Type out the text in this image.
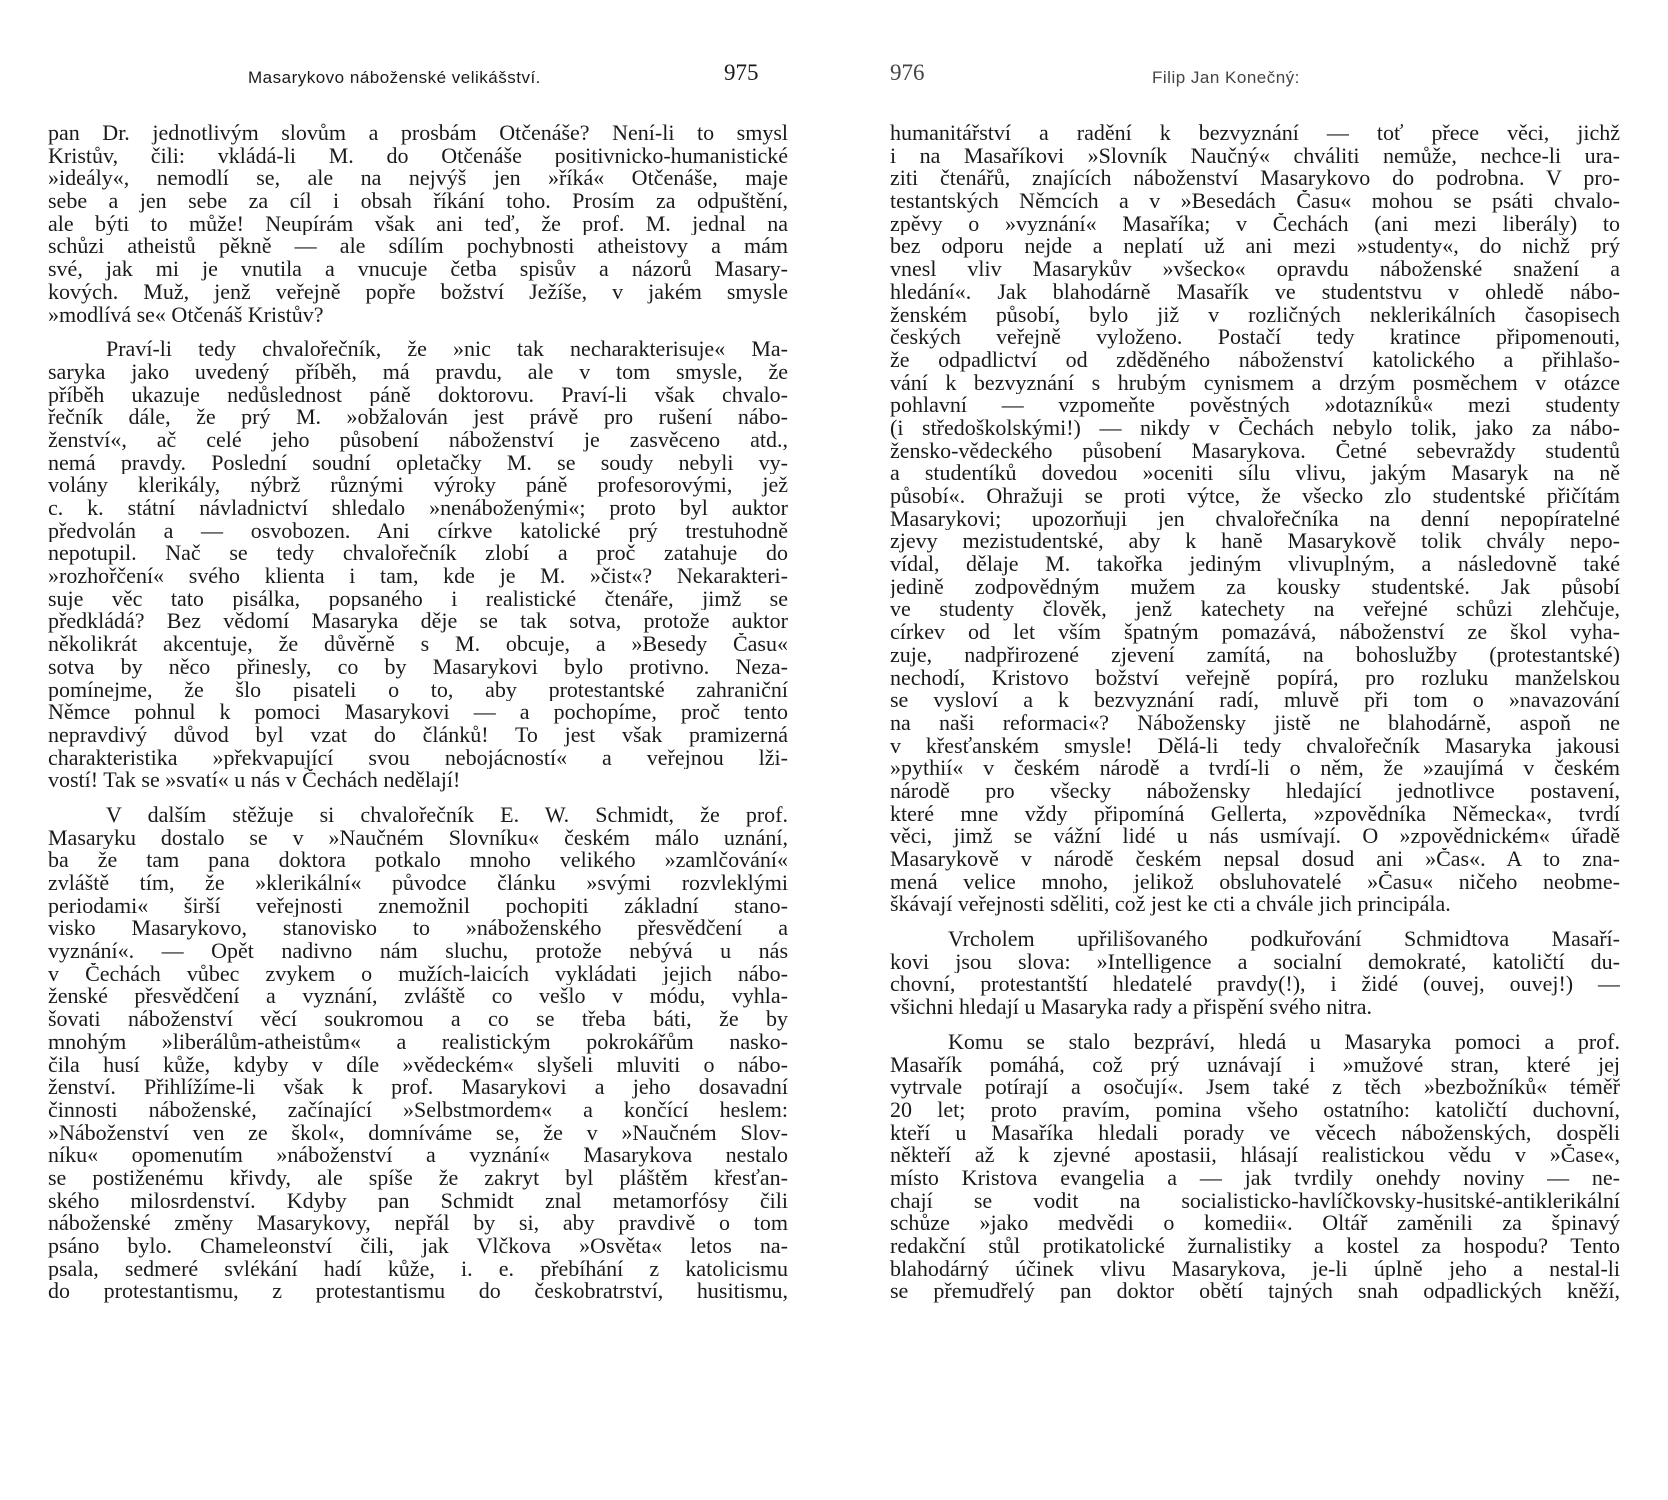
Masarykovo náboženské velikášství.	975
pan Dr. jednotlivým slovům a prosbám Otčenáše? Není-li to smysl
Kristův, čili: vkládá-li M. do Otčenáše positivnicko-humanistické
»ideály«, nemodlí se, ale na nejvýš jen »říká« Otčenáše, maje
sebe a jen sebe za cíl i obsah říkání toho. Prosím za odpuštění,
ale býti to může! Neupírám však ani teď, že prof. M. jednal na
schůzi atheistů pěkně — ale sdílím pochybnosti atheistovy a mám
své, jak mi je vnutila a vnucuje četba spisův a názorů Masary-
kových. Muž, jenž veřejně popře božství Ježíše, v jakém smysle
»modlívá se« Otčenáš Kristův?
Praví-li tedy chvalořečník, že »nic tak necharakterisuje« Ma-
saryka jako uvedený příběh, má pravdu, ale v tom smysle, že
příběh ukazuje nedůslednost páně doktorovu. Praví-li však chvalo-
řečník dále, že prý M. »obžalován jest právě pro rušení nábo-
ženství«, ač celé jeho působení náboženství je zasvěceno atd.,
nemá pravdy. Poslední soudní opletačky M. se soudy nebyli vy-
volány klerikály, nýbrž různými výroky páně profesorovými, jež
c. k. státní návladnictví shledalo »nenáboženými«; proto byl auktor
předvolán a — osvobozen. Ani církve katolické prý trestuhodně
nepotupil. Nač se tedy chvalořečník zlobí a proč zatahuje do
»rozhořčení« svého klienta i tam, kde je M. »čist«? Nekarakteri-
suje věc tato pisálka, popsaného i realistické čtenáře, jimž se
předkládá? Bez vědomí Masaryka děje se tak sotva, protože auktor
několikrát akcentuje, že důvěrně s M. obcuje, a »Besedy Času«
sotva by něco přinesly, co by Masarykovi bylo protivno. Neza-
pomínejme, že šlo pisateli o to, aby protestantské zahraniční
Němce pohnul k pomoci Masarykovi — a pochopíme, proč tento
nepravdivý důvod byl vzat do článků! To jest však pramizerná
charakteristika »překvapující svou nebojácností« a veřejnou lži-
vostí! Tak se »svatí« u nás v Čechách nedělají!
V dalším stěžuje si chvalořečník E. W. Schmidt, že prof.
Masaryku dostalo se v »Naučném Slovníku« českém málo uznání,
ba že tam pana doktora potkalo mnoho velikého »zamlčování«
zvláště tím, že »klerikální« původce článku »svými rozvleklými
periodami« širší veřejnosti znemožnil pochopiti základní stano-
visko Masarykovo, stanovisko to »náboženského přesvědčení a
vyznání«. — Opět nadivno nám sluchu, protože nebývá u nás
v Čechách vůbec zvykem o mužích-laicích vykládati jejich nábo-
ženské přesvědčení a vyznání, zvláště co vešlo v módu, vyhla-
šovati náboženství věcí soukromou a co se třeba báti, že by
mnohým »liberálům-atheistům« a realistickým pokrokářům nasko-
čila husí kůže, kdyby v díle »vědeckém« slyšeli mluviti o nábo-
ženství. Přihlížíme-li však k prof. Masarykovi a jeho dosavadní
činnosti náboženské, začínající »Selbstmordem« a končící heslem:
»Náboženství ven ze škol«, domníváme se, že v »Naučném Slov-
níku« opomenutím »náboženství a vyznání« Masarykova nestalo
se postiženému křivdy, ale spíše že zakryt byl pláštěm křesťan-
ského milosrdenství. Kdyby pan Schmidt znal metamorfósy čili
náboženské změny Masarykovy, nepřál by si, aby pravdivě o tom
psáno bylo. Chameleonství čili, jak Vlčkova »Osvěta« letos na-
psala, sedmeré svlékání hadí kůže, i. e. přebíhání z katolicismu
do protestantismu, z protestantismu do českobratrství, husitismu,
976	Filip Jan Konečný:
humanitářství a radění k bezvyznání — toť přece věci, jichž
i na Masaříkovi »Slovník Naučný« chváliti nemůže, nechce-li ura-
ziti čtenářů, znajících náboženství Masarykovo do podrobna. V pro-
testantských Němcích a v »Besedách Času« mohou se psáti chvalo-
zpěvy o »vyznání« Masaříka; v Čechách (ani mezi liberály) to
bez odporu nejde a neplatí už ani mezi »studenty«, do nichž prý
vnesl vliv Masarykův »všecko« opravdu náboženské snažení a
hledání«. Jak blahodárně Masařík ve studentstvu v ohledě nábo-
ženském působí, bylo již v rozličných neklerikálních časopisech
českých veřejně vyloženo. Postačí tedy kratince připomenouti,
že odpadlictví od zděděného náboženství katolického a přihlašo-
vání k bezvyznání s hrubým cynismem a drzým posměchem v otázce
pohlavní — vzpomeňte pověstných »dotazníků« mezi studenty
(i středoškolskými!) — nikdy v Čechách nebylo tolik, jako za nábo-
žensko-vědeckého působení Masarykova. Četné sebevraždy studentů
a studentíků dovedou »oceniti sílu vlivu, jakým Masaryk na ně
působí«. Ohražuji se proti výtce, že všecko zlo studentské přičítám
Masarykovi; upozorňuji jen chvalořečníka na denní nepopíratelné
zjevy mezistudentské, aby k hanĕ Masarykově tolik chvály nepo-
vídal, dělaje M. takořka jediným vlivuplným, a následovně také
jedině zodpovědným mužem za kousky studentské. Jak působí
ve studenty člověk, jenž katechety na veřejné schůzi zlehčuje,
církev od let vším špatným pomazává, náboženství ze škol vyha-
zuje, nadpřirozené zjevení zamítá, na bohoslužby (protestantské)
nechodí, Kristovo božství veřejně popírá, pro rozluku manželskou
se vysloví a k bezvyznání radí, mluvě při tom o »navazování
na naši reformaci«? Nábožensky jistě ne blahodárně, aspoň ne
v křesťanském smysle! Dělá-li tedy chvalořečník Masaryka jakousi
»pythií« v českém národě a tvrdí-li o něm, že »zaujímá v českém
národě pro všecky nábožensky hledající jednotlivce postavení,
které mne vždy připomíná Gellerta, »zpovědníka Německa«, tvrdí
věci, jimž se vážní lidé u nás usmívají. O »zpovědnickém« úřadě
Masarykově v národě českém nepsal dosud ani »Čas«. A to zna-
mená velice mnoho, jelikož obsluhovatelé »Času« ničeho neobme-
škávají veřejnosti sděliti, což jest ke cti a chvále jich principála.
Vrcholem upřilišovaného podkuřování Schmidtova Masaří-
kovi jsou slova: »Intelligence a socialní demokraté, katoličtí du-
chovní, protestantští hledatelé pravdy(!), i židé (ouvej, ouvej!) —
všichni hledají u Masaryka rady a přispění svého nitra.
Komu se stalo bezpráví, hledá u Masaryka pomoci a prof.
Masařík pomáhá, což prý uznávají i »mužové stran, které jej
vytrvale potírají a osočují«. Jsem také z těch »bezbožníků« téměř
20 let; proto pravím, pomina všeho ostatního: katoličtí duchovní,
kteří u Masaříka hledali porady ve věcech náboženských, dospěli
někteří až k zjevné apostasii, hlásají realistickou vědu v »Čase«,
místo Kristova evangelia a — jak tvrdily onehdy noviny — ne-
chají se vodit na socialisticko-havlíčkovsky-husitské-antiklerikální
schůze »jako medvědi o komedii«. Oltář zaměnili za špinavý
redakční stůl protikatolické žurnalistiky a kostel za hospodu? Tento
blahodárný účinek vlivu Masarykova, je-li úplně jeho a nestal-li
se přemudřelý pan doktor obětí tajných snah odpadlických kněží,
